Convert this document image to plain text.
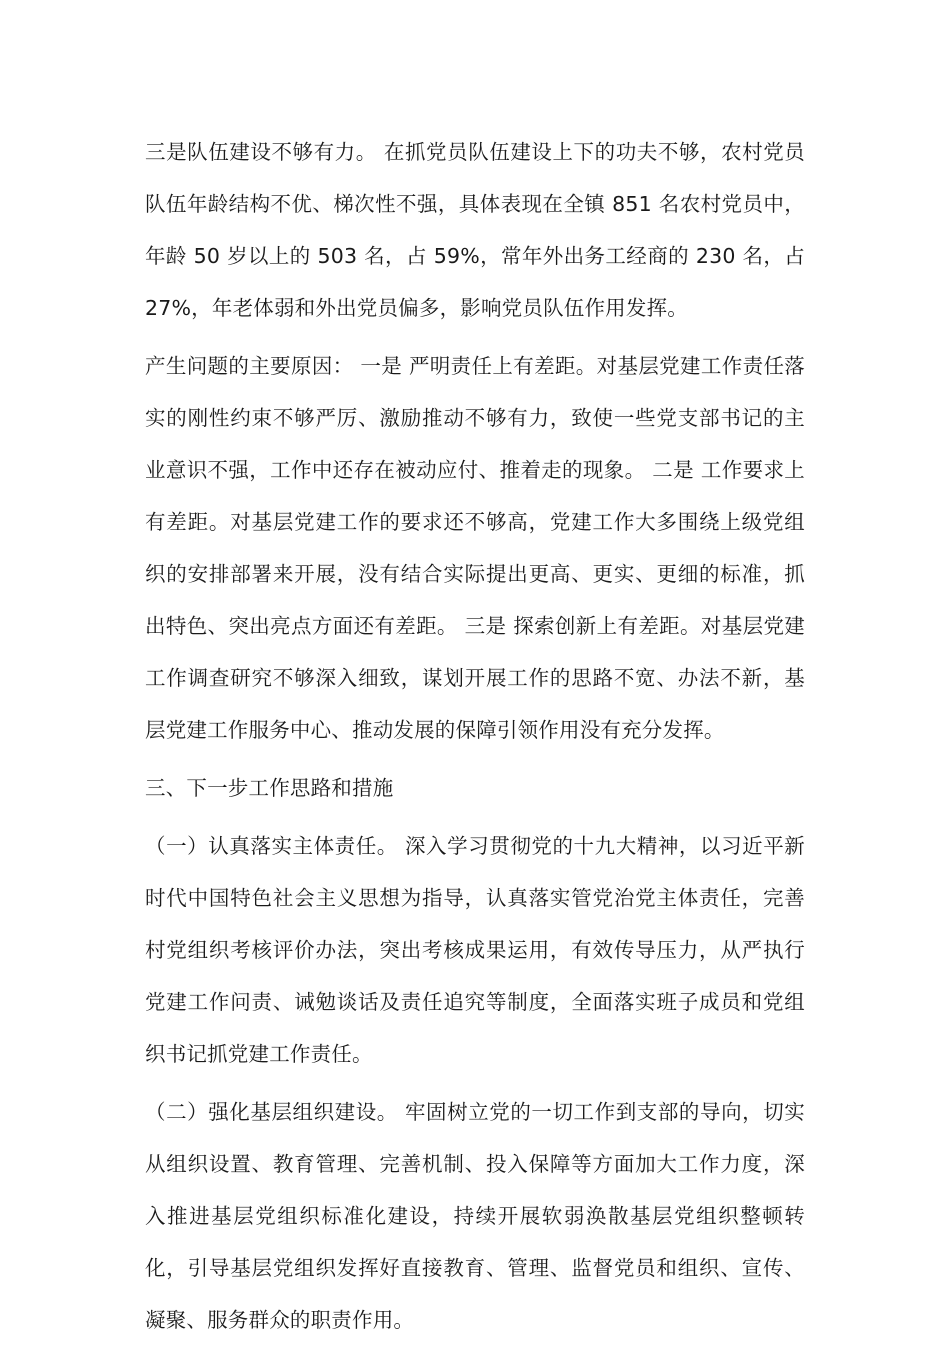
三是队伍建设不够有力。 在抓党员队伍建设上下的功夫不够，农村党员队伍年龄结构不优、梯次性不强，具体表现在全镇 851 名农村党员中，年龄 50 岁以上的 503 名，占 59%，常年外出务工经商的 230 名，占 27%，年老体弱和外出党员偏多，影响党员队伍作用发挥。

产生问题的主要原因： 一是 严明责任上有差距。对基层党建工作责任落实的刚性约束不够严厉、激励推动不够有力，致使一些党支部书记的主业意识不强，工作中还存在被动应付、推着走的现象。 二是 工作要求上有差距。对基层党建工作的要求还不够高，党建工作大多围绕上级党组织的安排部署来开展，没有结合实际提出更高、更实、更细的标准，抓出特色、突出亮点方面还有差距。 三是 探索创新上有差距。对基层党建工作调查研究不够深入细致，谋划开展工作的思路不宽、办法不新，基层党建工作服务中心、推动发展的保障引领作用没有充分发挥。

三、下一步工作思路和措施

（一）认真落实主体责任。 深入学习贯彻党的十九大精神，以习近平新时代中国特色社会主义思想为指导，认真落实管党治党主体责任，完善村党组织考核评价办法，突出考核成果运用，有效传导压力，从严执行党建工作问责、诫勉谈话及责任追究等制度，全面落实班子成员和党组织书记抓党建工作责任。

（二）强化基层组织建设。 牢固树立党的一切工作到支部的导向，切实从组织设置、教育管理、完善机制、投入保障等方面加大工作力度，深入推进基层党组织标准化建设，持续开展软弱涣散基层党组织整顿转化，引导基层党组织发挥好直接教育、管理、监督党员和组织、宣传、凝聚、服务群众的职责作用。
